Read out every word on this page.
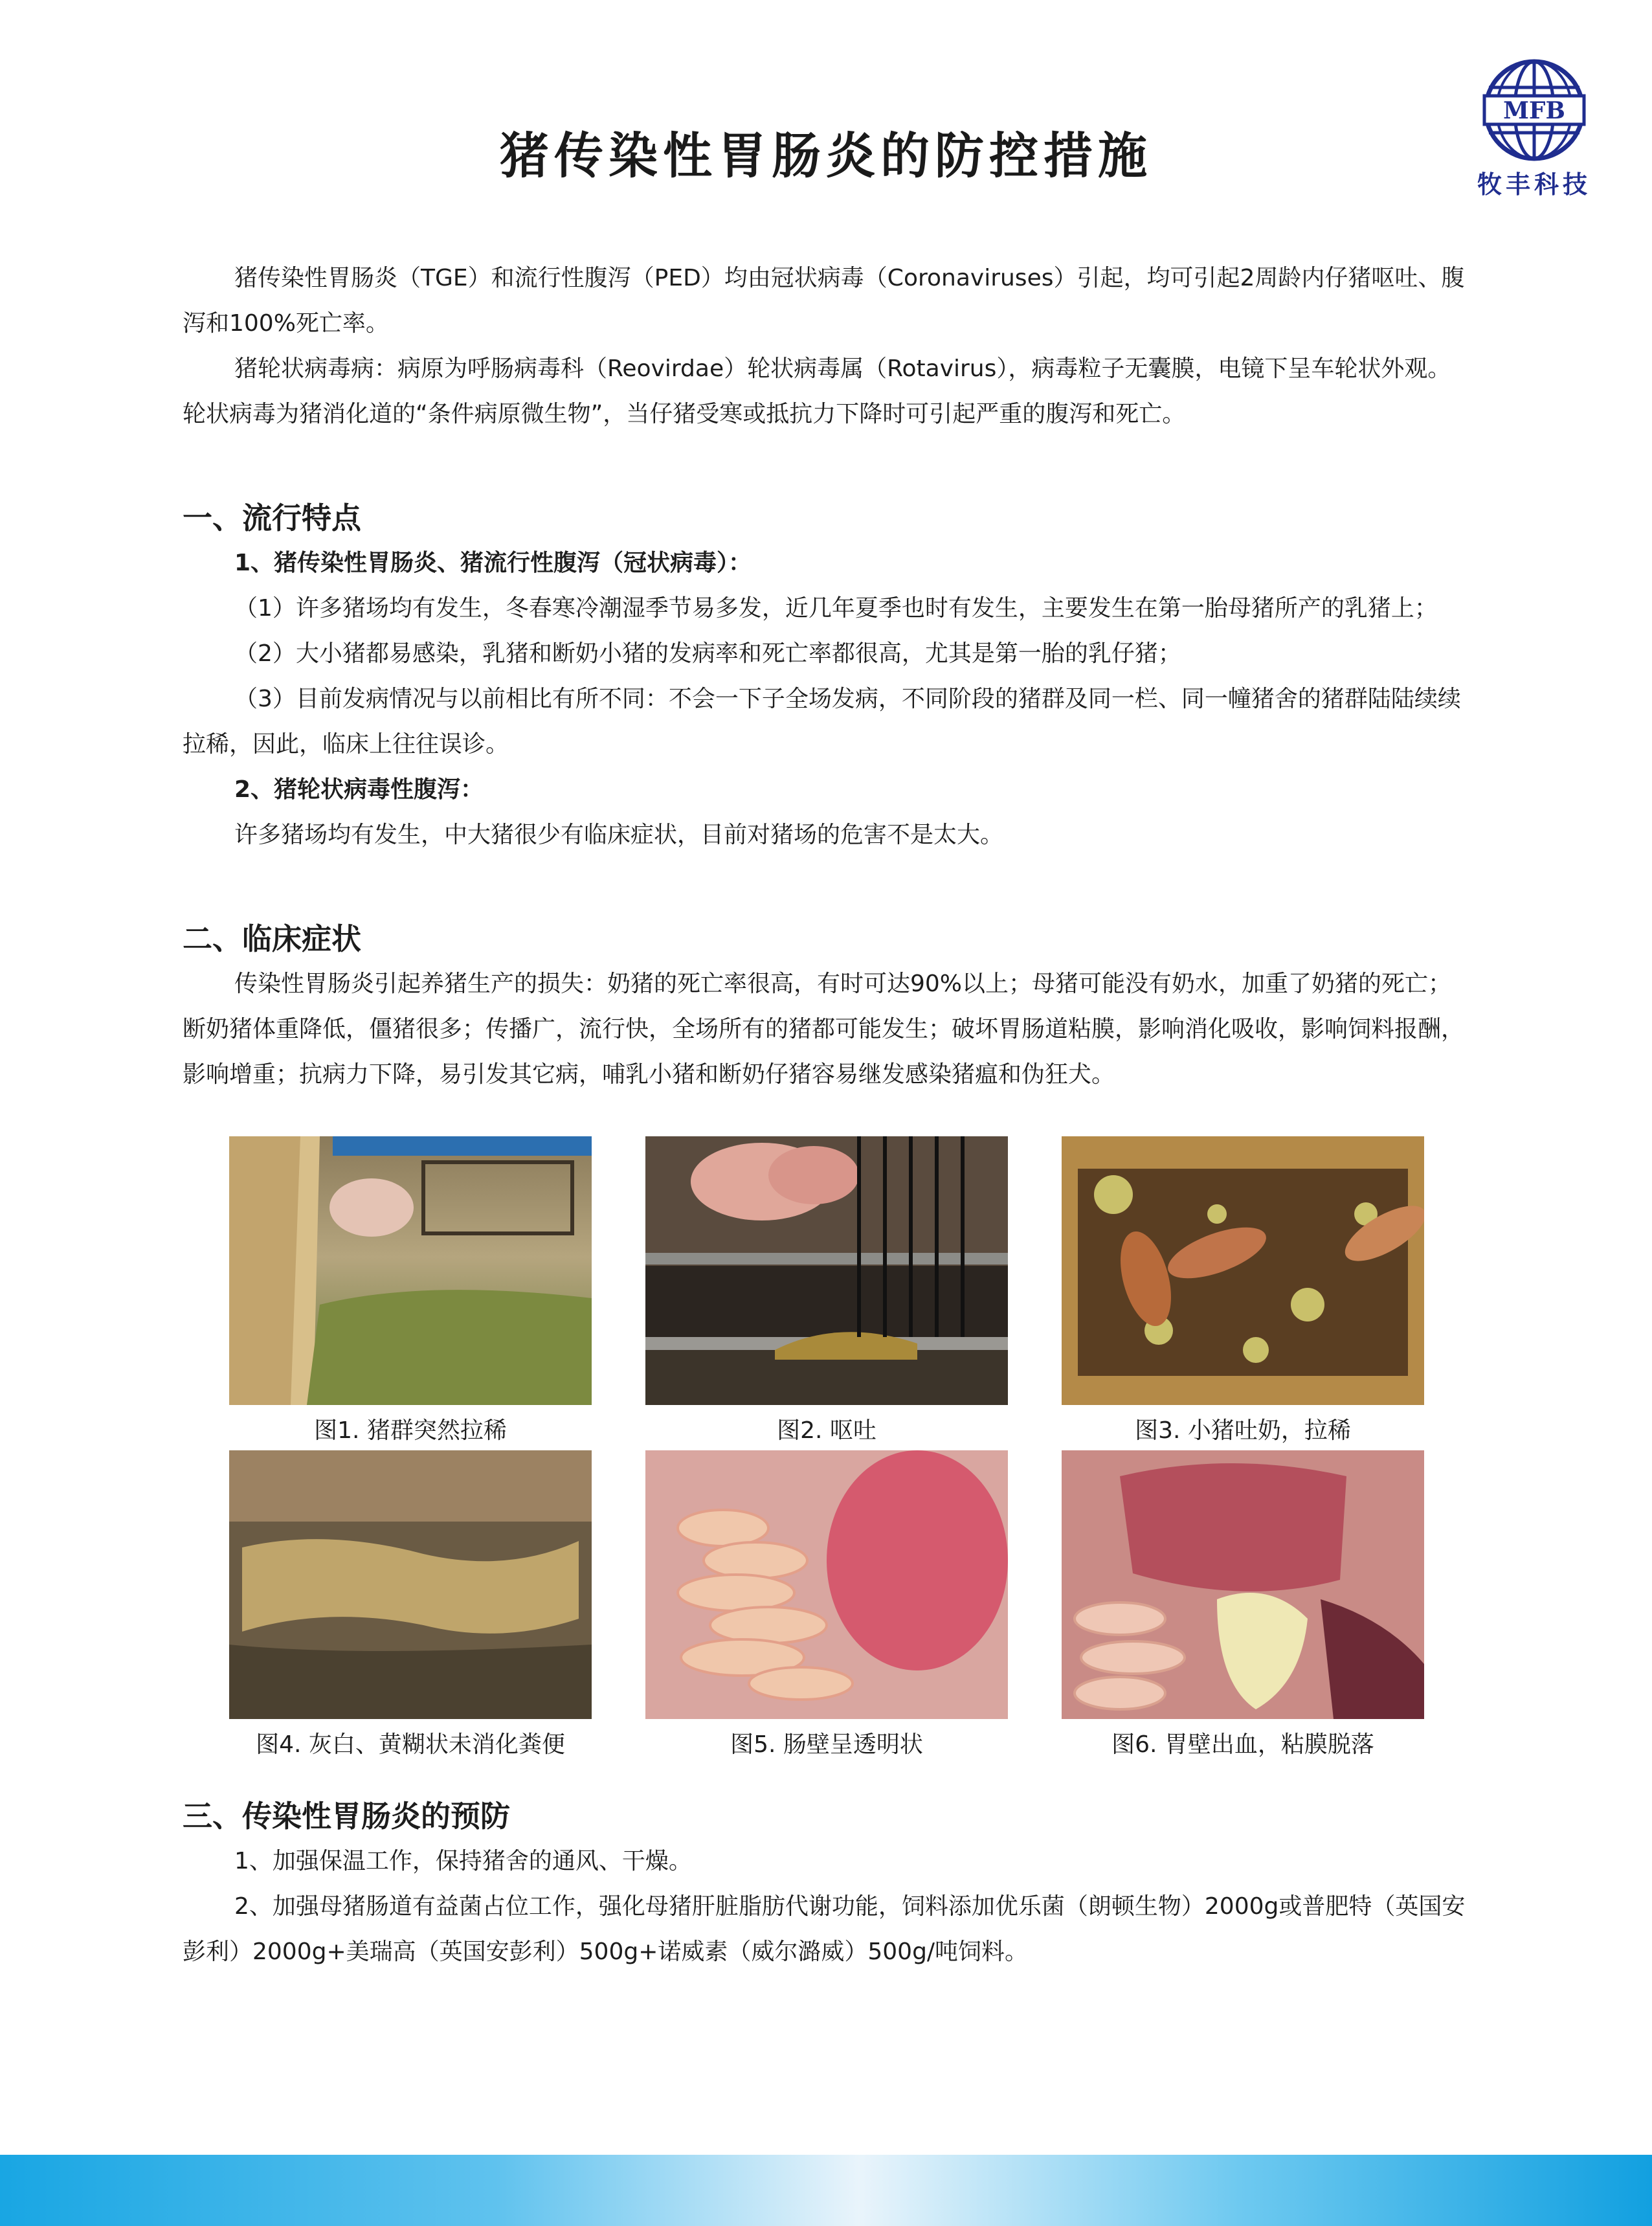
MFB
牧丰科技
猪传染性胃肠炎的防控措施

猪传染性胃肠炎（TGE）和流行性腹泻（PED）均由冠状病毒（Coronaviruses）引起，均可引起2周龄内仔猪呕吐、腹泻和100%死亡率。

猪轮状病毒病：病原为呼肠病毒科（Reovirdae）轮状病毒属（Rotavirus），病毒粒子无囊膜，电镜下呈车轮状外观。轮状病毒为猪消化道的“条件病原微生物”，当仔猪受寒或抵抗力下降时可引起严重的腹泻和死亡。

一、流行特点
1、猪传染性胃肠炎、猪流行性腹泻（冠状病毒）：

（1）许多猪场均有发生，冬春寒冷潮湿季节易多发，近几年夏季也时有发生，主要发生在第一胎母猪所产的乳猪上；

（2）大小猪都易感染，乳猪和断奶小猪的发病率和死亡率都很高，尤其是第一胎的乳仔猪；

（3）目前发病情况与以前相比有所不同：不会一下子全场发病，不同阶段的猪群及同一栏、同一幢猪舍的猪群陆陆续续拉稀，因此，临床上往往误诊。

2、猪轮状病毒性腹泻：

许多猪场均有发生，中大猪很少有临床症状，目前对猪场的危害不是太大。

二、临床症状

传染性胃肠炎引起养猪生产的损失：奶猪的死亡率很高，有时可达90%以上；母猪可能没有奶水，加重了奶猪的死亡；断奶猪体重降低，僵猪很多；传播广，流行快，全场所有的猪都可能发生；破坏胃肠道粘膜，影响消化吸收，影响饲料报酬，影响增重；抗病力下降，易引发其它病，哺乳小猪和断奶仔猪容易继发感染猪瘟和伪狂犬。

图1. 猪群突然拉稀	图2. 呕吐	图3. 小猪吐奶，拉稀
图4. 灰白、黄糊状未消化粪便	图5. 肠壁呈透明状	图6. 胃壁出血，粘膜脱落
三、传染性胃肠炎的预防

1、加强保温工作，保持猪舍的通风、干燥。

2、加强母猪肠道有益菌占位工作，强化母猪肝脏脂肪代谢功能，饲料添加优乐菌（朗顿生物）2000g或普肥特（英国安彭利）2000g+美瑞高（英国安彭利）500g+诺威素（威尔潞威）500g/吨饲料。
